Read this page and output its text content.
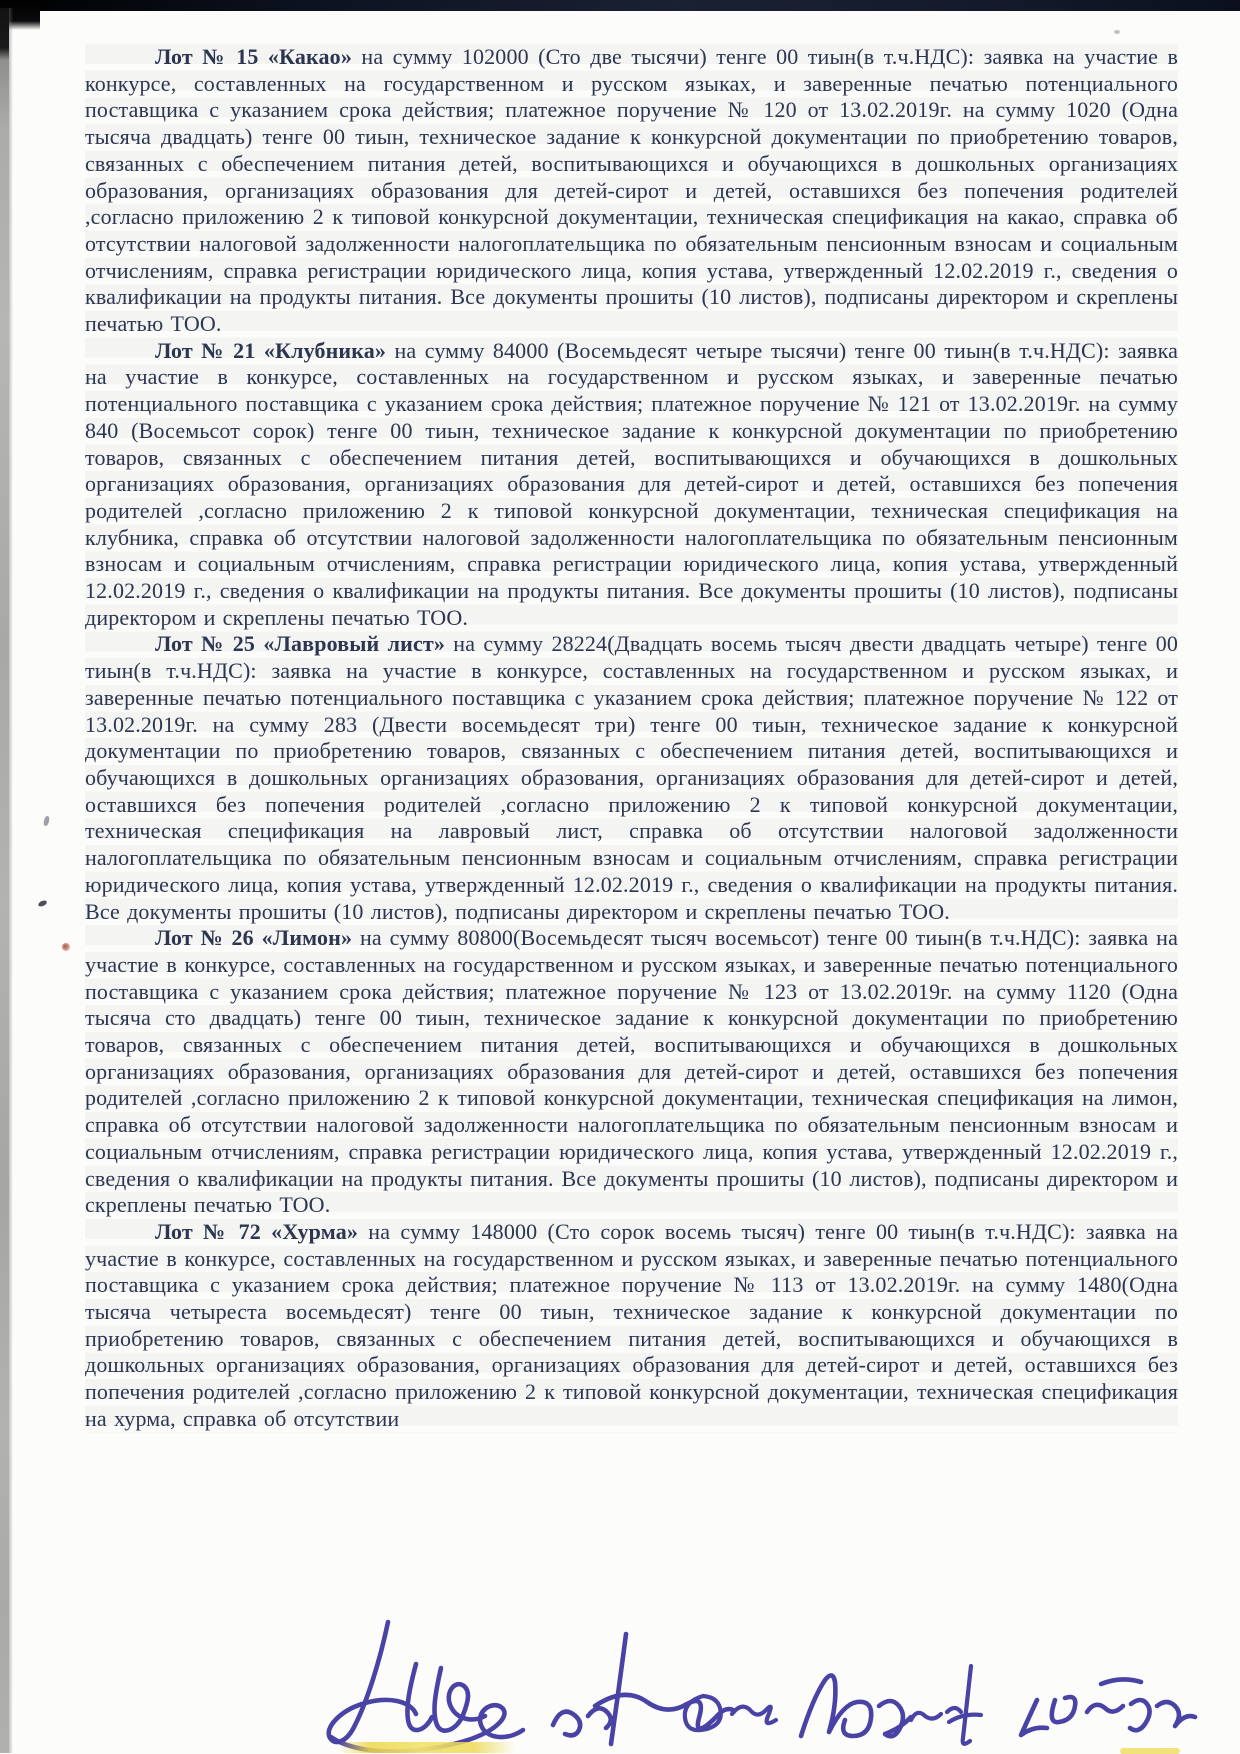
Лот № 15 «Какао» на сумму 102000 (Сто две тысячи) тенге 00 тиын(в т.ч.НДС): заявка на участие в конкурсе, составленных на государственном и русском языках, и заверенные печатью потенциального поставщика с указанием срока действия; платежное поручение № 120 от 13.02.2019г. на сумму 1020 (Одна тысяча двадцать) тенге 00 тиын, техническое задание к конкурсной документации по приобретению товаров, связанных с обеспечением питания детей, воспитывающихся и обучающихся в дошкольных организациях образования, организациях образования для детей-сирот и детей, оставшихся без попечения родителей ,согласно приложению 2 к типовой конкурсной документации, техническая спецификация на какао, справка об отсутствии налоговой задолженности налогоплательщика по обязательным пенсионным взносам и социальным отчислениям, справка регистрации юридического лица, копия устава, утвержденный 12.02.2019 г., сведения о квалификации на продукты питания. Все документы прошиты (10 листов), подписаны директором и скреплены печатью ТОО.

Лот № 21 «Клубника» на сумму 84000 (Восемьдесят четыре тысячи) тенге 00 тиын(в т.ч.НДС): заявка на участие в конкурсе, составленных на государственном и русском языках, и заверенные печатью потенциального поставщика с указанием срока действия; платежное поручение № 121 от 13.02.2019г. на сумму 840 (Восемьсот сорок) тенге 00 тиын, техническое задание к конкурсной документации по приобретению товаров, связанных с обеспечением питания детей, воспитывающихся и обучающихся в дошкольных организациях образования, организациях образования для детей-сирот и детей, оставшихся без попечения родителей ,согласно приложению 2 к типовой конкурсной документации, техническая спецификация на клубника, справка об отсутствии налоговой задолженности налогоплательщика по обязательным пенсионным взносам и социальным отчислениям, справка регистрации юридического лица, копия устава, утвержденный 12.02.2019 г., сведения о квалификации на продукты питания. Все документы прошиты (10 листов), подписаны директором и скреплены печатью ТОО.

Лот № 25 «Лавровый лист» на сумму 28224(Двадцать восемь тысяч двести двадцать четыре) тенге 00 тиын(в т.ч.НДС): заявка на участие в конкурсе, составленных на государственном и русском языках, и заверенные печатью потенциального поставщика с указанием срока действия; платежное поручение № 122 от 13.02.2019г. на сумму 283 (Двести восемьдесят три) тенге 00 тиын, техническое задание к конкурсной документации по приобретению товаров, связанных с обеспечением питания детей, воспитывающихся и обучающихся в дошкольных организациях образования, организациях образования для детей-сирот и детей, оставшихся без попечения родителей ,согласно приложению 2 к типовой конкурсной документации, техническая спецификация на лавровый лист, справка об отсутствии налоговой задолженности налогоплательщика по обязательным пенсионным взносам и социальным отчислениям, справка регистрации юридического лица, копия устава, утвержденный 12.02.2019 г., сведения о квалификации на продукты питания. Все документы прошиты (10 листов), подписаны директором и скреплены печатью ТОО.

Лот № 26 «Лимон» на сумму 80800(Восемьдесят тысяч восемьсот) тенге 00 тиын(в т.ч.НДС): заявка на участие в конкурсе, составленных на государственном и русском языках, и заверенные печатью потенциального поставщика с указанием срока действия; платежное поручение № 123 от 13.02.2019г. на сумму 1120 (Одна тысяча сто двадцать) тенге 00 тиын, техническое задание к конкурсной документации по приобретению товаров, связанных с обеспечением питания детей, воспитывающихся и обучающихся в дошкольных организациях образования, организациях образования для детей-сирот и детей, оставшихся без попечения родителей ,согласно приложению 2 к типовой конкурсной документации, техническая спецификация на лимон, справка об отсутствии налоговой задолженности налогоплательщика по обязательным пенсионным взносам и социальным отчислениям, справка регистрации юридического лица, копия устава, утвержденный 12.02.2019 г., сведения о квалификации на продукты питания. Все документы прошиты (10 листов), подписаны директором и скреплены печатью ТОО.

Лот № 72 «Хурма» на сумму 148000 (Сто сорок восемь тысяч) тенге 00 тиын(в т.ч.НДС): заявка на участие в конкурсе, составленных на государственном и русском языках, и заверенные печатью потенциального поставщика с указанием срока действия; платежное поручение № 113 от 13.02.2019г. на сумму 1480(Одна тысяча четыреста восемьдесят) тенге 00 тиын, техническое задание к конкурсной документации по приобретению товаров, связанных с обеспечением питания детей, воспитывающихся и обучающихся в дошкольных организациях образования, организациях образования для детей-сирот и детей, оставшихся без попечения родителей ,согласно приложению 2 к типовой конкурсной документации, техническая спецификация на хурма, справка об отсутствии
